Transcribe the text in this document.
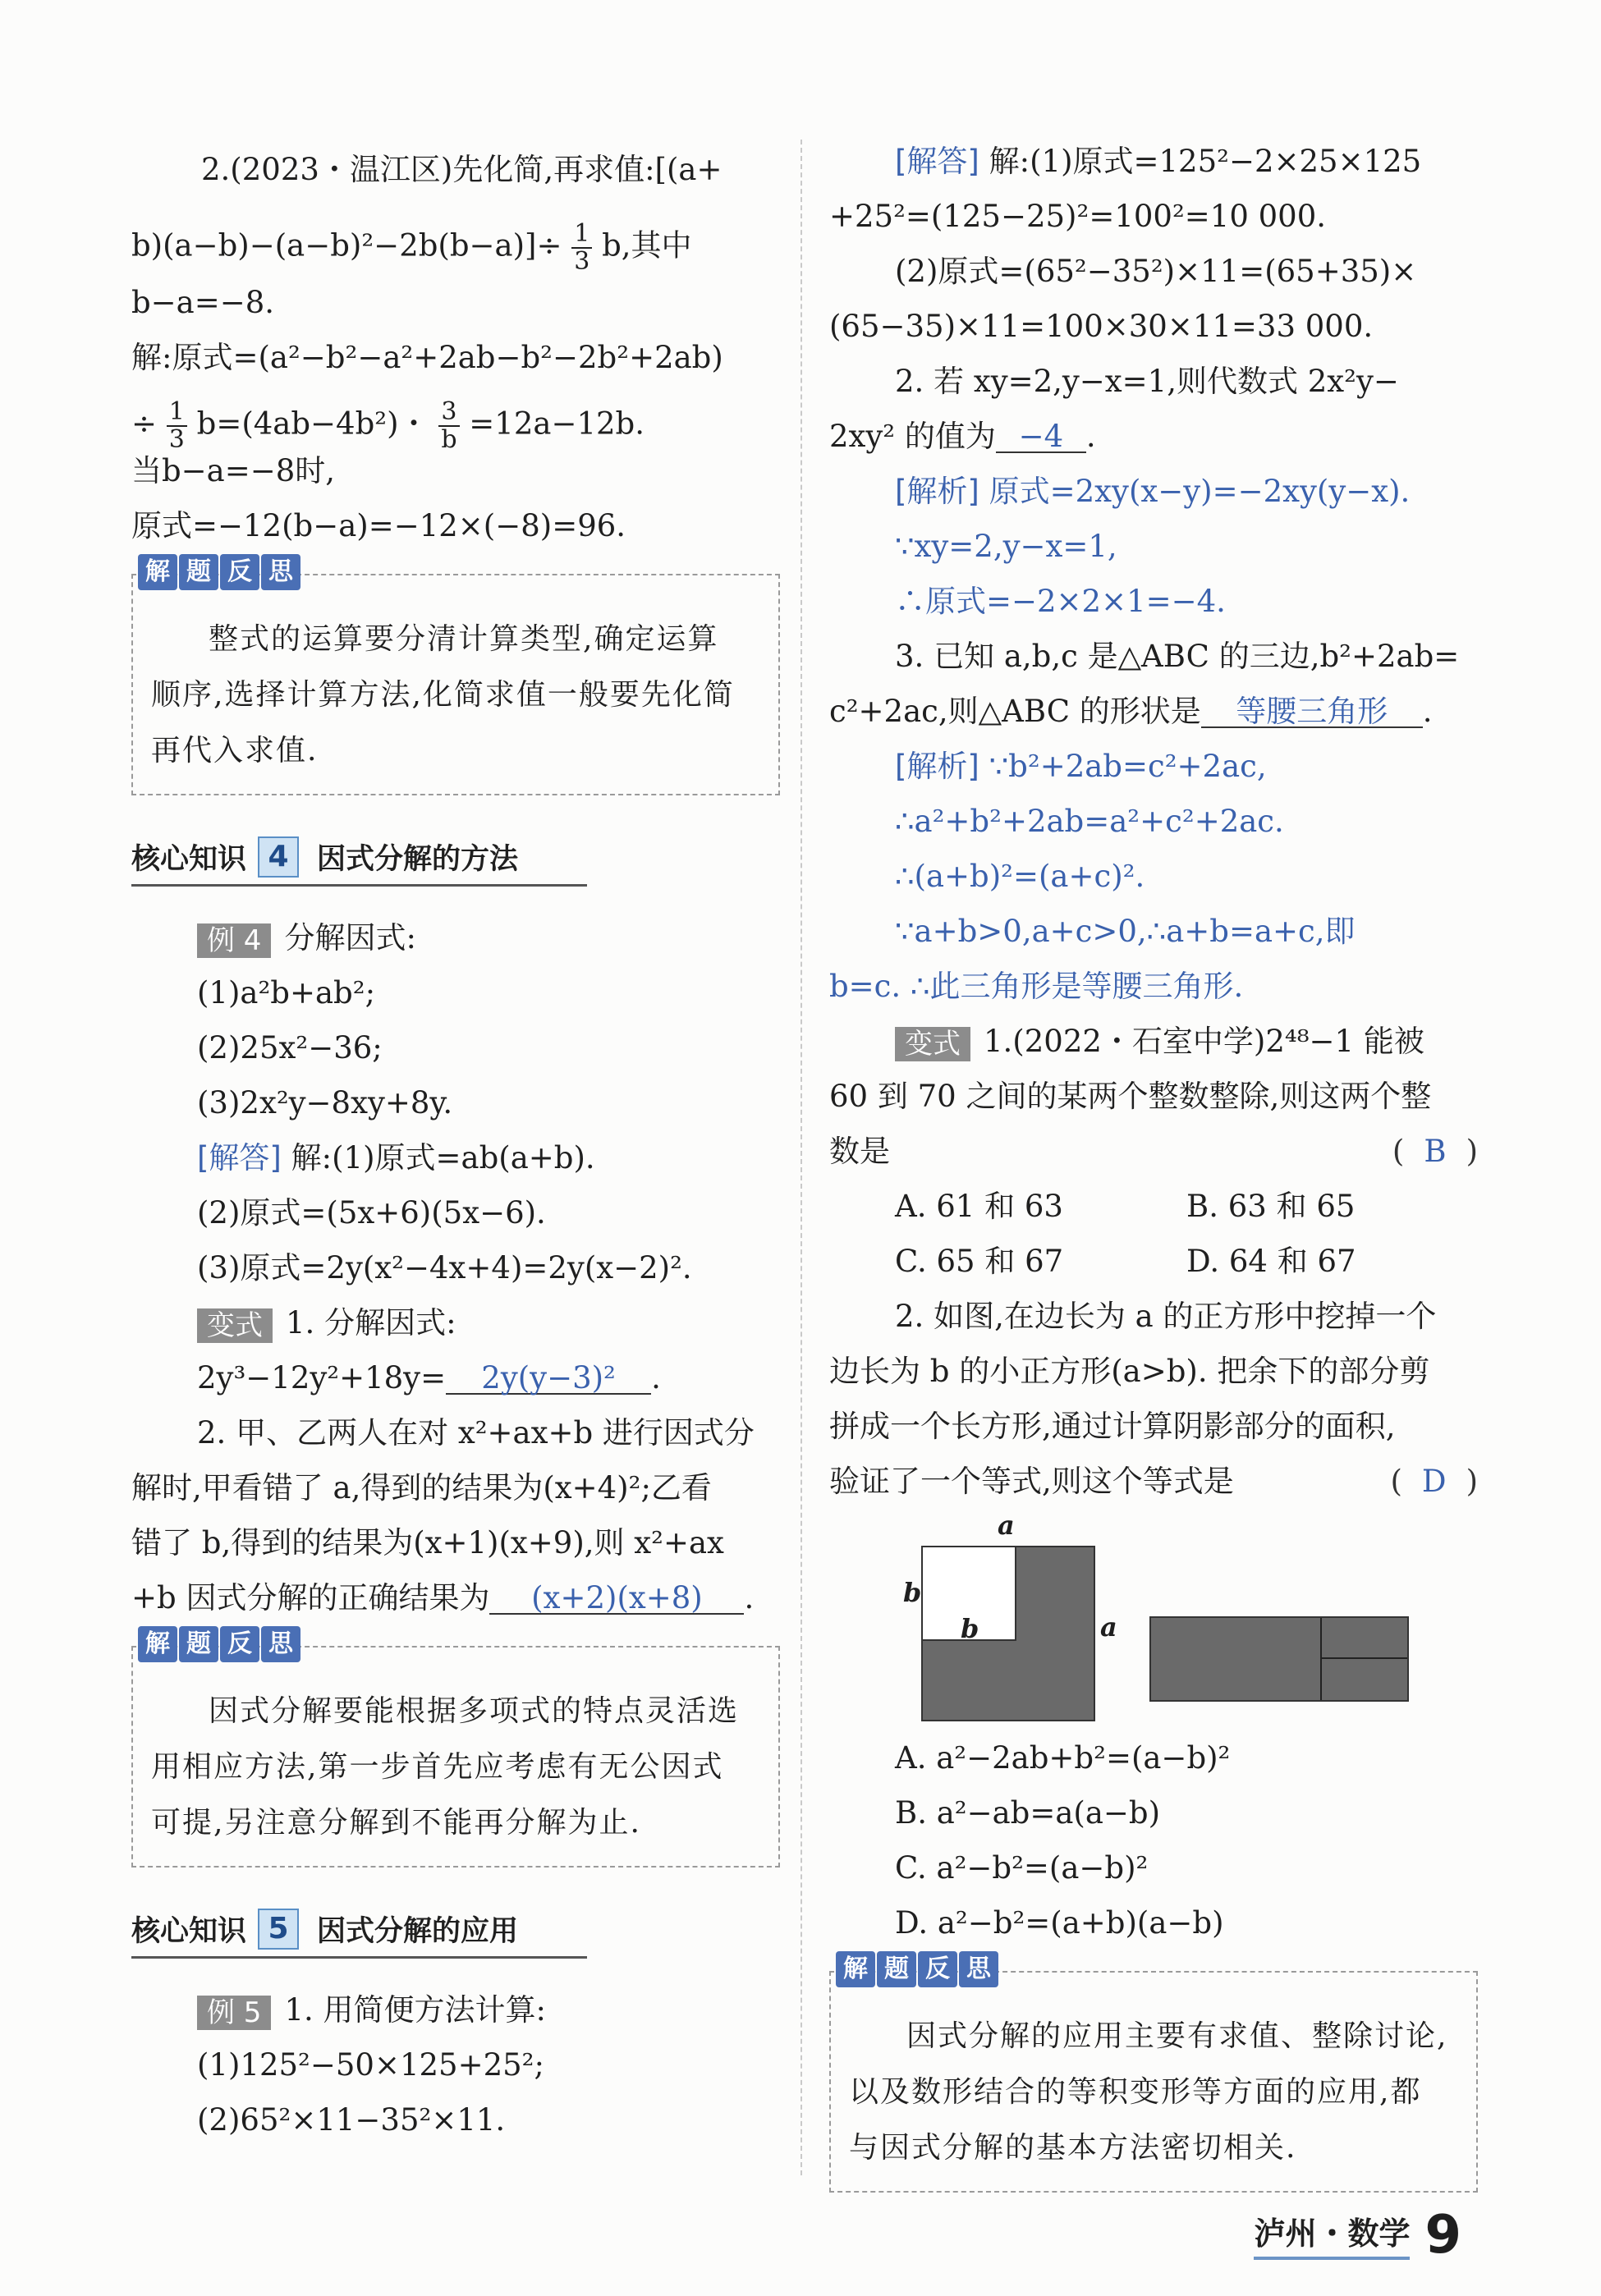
2.(2023・温江区)先化简,再求值:[(a+
$b)(a-b)-(a-b)^2-2b(b-a)]\div \frac{1}{3} b$,其中
b−a=−8.
解:原式=(a²−b²−a²+2ab−b²−2b²+2ab)
÷ $\frac{1}{3} b=(4ab-4b^2)$・ $\frac{3}{b} =12a-12b$.
当b−a=−8时,
原式=−12(b−a)=−12×(−8)=96.
解 题 反 思
整式的运算要分清计算类型,确定运算
顺序,选择计算方法,化简求值一般要先化简
再代入求值.
核心知识 4 因式分解的方法
例 4 分解因式:
(1)a²b+ab²;
(2)25x²−36;
(3)2x²y−8xy+8y.
[解答] 解:(1)原式=ab(a+b).
(2)原式=(5x+6)(5x−6).
(3)原式=2y(x²−4x+4)=2y(x−2)².
变式 1. 分解因式:
2y³−12y²+18y= 2y(y−3)² .
2. 甲、乙两人在对 x²+ax+b 进行因式分
解时,甲看错了 a,得到的结果为(x+4)²;乙看
错了 b,得到的结果为(x+1)(x+9),则 x²+ax
+b 因式分解的正确结果为 (x+2)(x+8) .
解 题 反 思
因式分解要能根据多项式的特点灵活选
用相应方法,第一步首先应考虑有无公因式
可提,另注意分解到不能再分解为止.
核心知识 5 因式分解的应用
例 5 1. 用简便方法计算:
(1)125²−50×125+25²;
(2)65²×11−35²×11.
[解答] 解:(1)原式=125²−2×25×125
+25²=(125−25)²=100²=10 000.
(2)原式=(65²−35²)×11=(65+35)×
(65−35)×11=100×30×11=33 000.
2. 若 xy=2,y−x=1,则代数式 2x²y−
2xy² 的值为 −4 .
[解析] 原式=2xy(x−y)=−2xy(y−x).
∵xy=2,y−x=1,
∴原式=−2×2×1=−4.
3. 已知 a,b,c 是△ABC 的三边,b²+2ab=
c²+2ac,则△ABC 的形状是 等腰三角形 .
[解析] ∵b²+2ab=c²+2ac,
∴a²+b²+2ab=a²+c²+2ac.
∴(a+b)²=(a+c)².
∵a+b>0,a+c>0,∴a+b=a+c,即
b=c. ∴此三角形是等腰三角形.
变式 1.(2022・石室中学)2⁴⁸−1 能被
60 到 70 之间的某两个整数整除,则这两个整
数是	( B )
A. 61 和 63	B. 63 和 65
C. 65 和 67	D. 64 和 67
2. 如图,在边长为 a 的正方形中挖掉一个
边长为 b 的小正方形(a>b). 把余下的部分剪
拼成一个长方形,通过计算阴影部分的面积,
验证了一个等式,则这个等式是	( D )
a
b
a
b
A. a²−2ab+b²=(a−b)²
B. a²−ab=a(a−b)
C. a²−b²=(a−b)²
D. a²−b²=(a+b)(a−b)
解 题 反 思
因式分解的应用主要有求值、整除讨论,
以及数形结合的等积变形等方面的应用,都
与因式分解的基本方法密切相关.
泸州・数学 9
